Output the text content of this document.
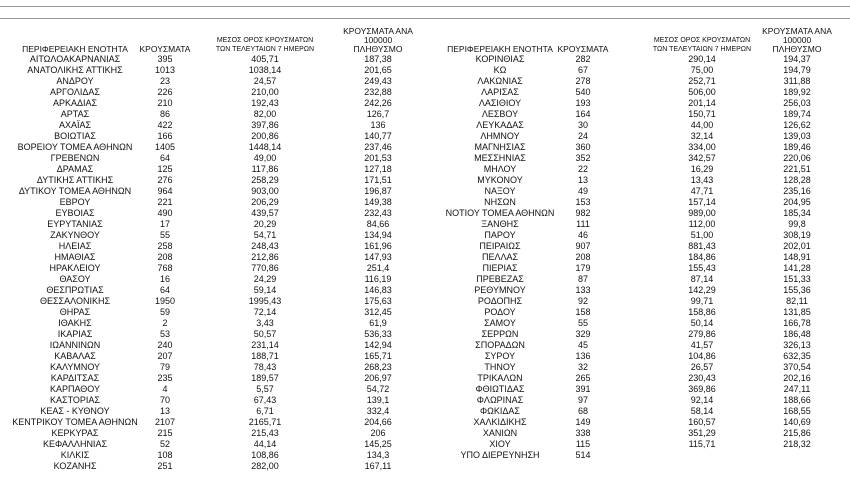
ΠΕΡΙΦΕΡΕΙΑΚΗ ΕΝΟΤΗΤΑ	ΚΡΟΥΣΜΑΤΑ
ΜΕΣΟΣ ΟΡΟΣ ΚΡΟΥΣΜΑΤΩΝ
ΤΩΝ ΤΕΛΕΥΤΑΙΩΝ 7 ΗΜΕΡΩΝ
ΚΡΟΥΣΜΑΤΑ ΑΝΑ 100000
ΠΛΗΘΥΣΜΟ
ΑΙΤΩΛΟΑΚΑΡΝΑΝΙΑΣ	395	405,71	187,38
ΑΝΑΤΟΛΙΚΗΣ ΑΤΤΙΚΗΣ	1013	1038,14	201,65
ΑΝΔΡΟΥ	23	24,57	249,43
ΑΡΓΟΛΙΔΑΣ	226	210,00	232,88
ΑΡΚΑΔΙΑΣ	210	192,43	242,26
ΑΡΤΑΣ	86	82,00	126,7
ΑΧΑΪΑΣ	422	397,86	136
ΒΟΙΩΤΙΑΣ	166	200,86	140,77
ΒΟΡΕΙΟΥ ΤΟΜΕΑ ΑΘΗΝΩΝ	1405	1448,14	237,46
ΓΡΕΒΕΝΩΝ	64	49,00	201,53
ΔΡΑΜΑΣ	125	117,86	127,18
ΔΥΤΙΚΗΣ ΑΤΤΙΚΗΣ	276	258,29	171,51
ΔΥΤΙΚΟΥ ΤΟΜΕΑ ΑΘΗΝΩΝ	964	903,00	196,87
ΕΒΡΟΥ	221	206,29	149,38
ΕΥΒΟΙΑΣ	490	439,57	232,43
ΕΥΡΥΤΑΝΙΑΣ	17	20,29	84,66
ΖΑΚΥΝΘΟΥ	55	54,71	134,94
ΗΛΕΙΑΣ	258	248,43	161,96
ΗΜΑΘΙΑΣ	208	212,86	147,93
ΗΡΑΚΛΕΙΟΥ	768	770,86	251,4
ΘΑΣΟΥ	16	24,29	116,19
ΘΕΣΠΡΩΤΙΑΣ	64	59,14	146,83
ΘΕΣΣΑΛΟΝΙΚΗΣ	1950	1995,43	175,63
ΘΗΡΑΣ	59	72,14	312,45
ΙΘΑΚΗΣ	2	3,43	61,9
ΙΚΑΡΙΑΣ	53	50,57	536,33
ΙΩΑΝΝΙΝΩΝ	240	231,14	142,94
ΚΑΒΑΛΑΣ	207	188,71	165,71
ΚΑΛΥΜΝΟΥ	79	78,43	268,23
ΚΑΡΔΙΤΣΑΣ	235	189,57	206,97
ΚΑΡΠΑΘΟΥ	4	5,57	54,72
ΚΑΣΤΟΡΙΑΣ	70	67,43	139,1
ΚΕΑΣ - ΚΥΘΝΟΥ	13	6,71	332,4
ΚΕΝΤΡΙΚΟΥ ΤΟΜΕΑ ΑΘΗΝΩΝ	2107	2165,71	204,66
ΚΕΡΚΥΡΑΣ	215	215,43	206
ΚΕΦΑΛΛΗΝΙΑΣ	52	44,14	145,25
ΚΙΛΚΙΣ	108	108,86	134,3
ΚΟΖΑΝΗΣ	251	282,00	167,11
ΠΕΡΙΦΕΡΕΙΑΚΗ ΕΝΟΤΗΤΑ ΚΡΟΥΣΜΑΤΑ
ΜΕΣΟΣ ΟΡΟΣ ΚΡΟΥΣΜΑΤΩΝ
ΤΩΝ ΤΕΛΕΥΤΑΙΩΝ 7 ΗΜΕΡΩΝ
ΚΡΟΥΣΜΑΤΑ ΑΝΑ 100000
ΠΛΗΘΥΣΜΟ
ΚΟΡΙΝΘΙΑΣ	282	290,14	194,37
ΚΩ	67	75,00	194,79
ΛΑΚΩΝΙΑΣ	278	252,71	311,88
ΛΑΡΙΣΑΣ	540	506,00	189,92
ΛΑΣΙΘΙΟΥ	193	201,14	256,03
ΛΕΣΒΟΥ	164	150,71	189,74
ΛΕΥΚΑΔΑΣ	30	44,00	126,62
ΛΗΜΝΟΥ	24	32,14	139,03
ΜΑΓΝΗΣΙΑΣ	360	334,00	189,46
ΜΕΣΣΗΝΙΑΣ	352	342,57	220,06
ΜΗΛΟΥ	22	16,29	221,51
ΜΥΚΟΝΟΥ	13	13,43	128,28
ΝΑΞΟΥ	49	47,71	235,16
ΝΗΣΩΝ	153	157,14	204,95
ΝΟΤΙΟΥ ΤΟΜΕΑ ΑΘΗΝΩΝ	982	989,00	185,34
ΞΑΝΘΗΣ	111	112,00	99,8
ΠΑΡΟΥ	46	51,00	308,19
ΠΕΙΡΑΙΩΣ	907	881,43	202,01
ΠΕΛΛΑΣ	208	184,86	148,91
ΠΙΕΡΙΑΣ	179	155,43	141,28
ΠΡΕΒΕΖΑΣ	87	87,14	151,33
ΡΕΘΥΜΝΟΥ	133	142,29	155,36
ΡΟΔΟΠΗΣ	92	99,71	82,11
ΡΟΔΟΥ	158	158,86	131,85
ΣΑΜΟΥ	55	50,14	166,78
ΣΕΡΡΩΝ	329	279,86	186,48
ΣΠΟΡΑΔΩΝ	45	41,57	326,13
ΣΥΡΟΥ	136	104,86	632,35
ΤΗΝΟΥ	32	26,57	370,54
ΤΡΙΚΑΛΩΝ	265	230,43	202,16
ΦΘΙΩΤΙΔΑΣ	391	369,86	247,11
ΦΛΩΡΙΝΑΣ	97	92,14	188,66
ΦΩΚΙΔΑΣ	68	58,14	168,55
ΧΑΛΚΙΔΙΚΗΣ	149	160,57	140,69
ΧΑΝΙΩΝ	338	351,29	215,86
ΧΙΟΥ	115	115,71	218,32
ΥΠΟ ΔΙΕΡΕΥΝΗΣΗ	514
